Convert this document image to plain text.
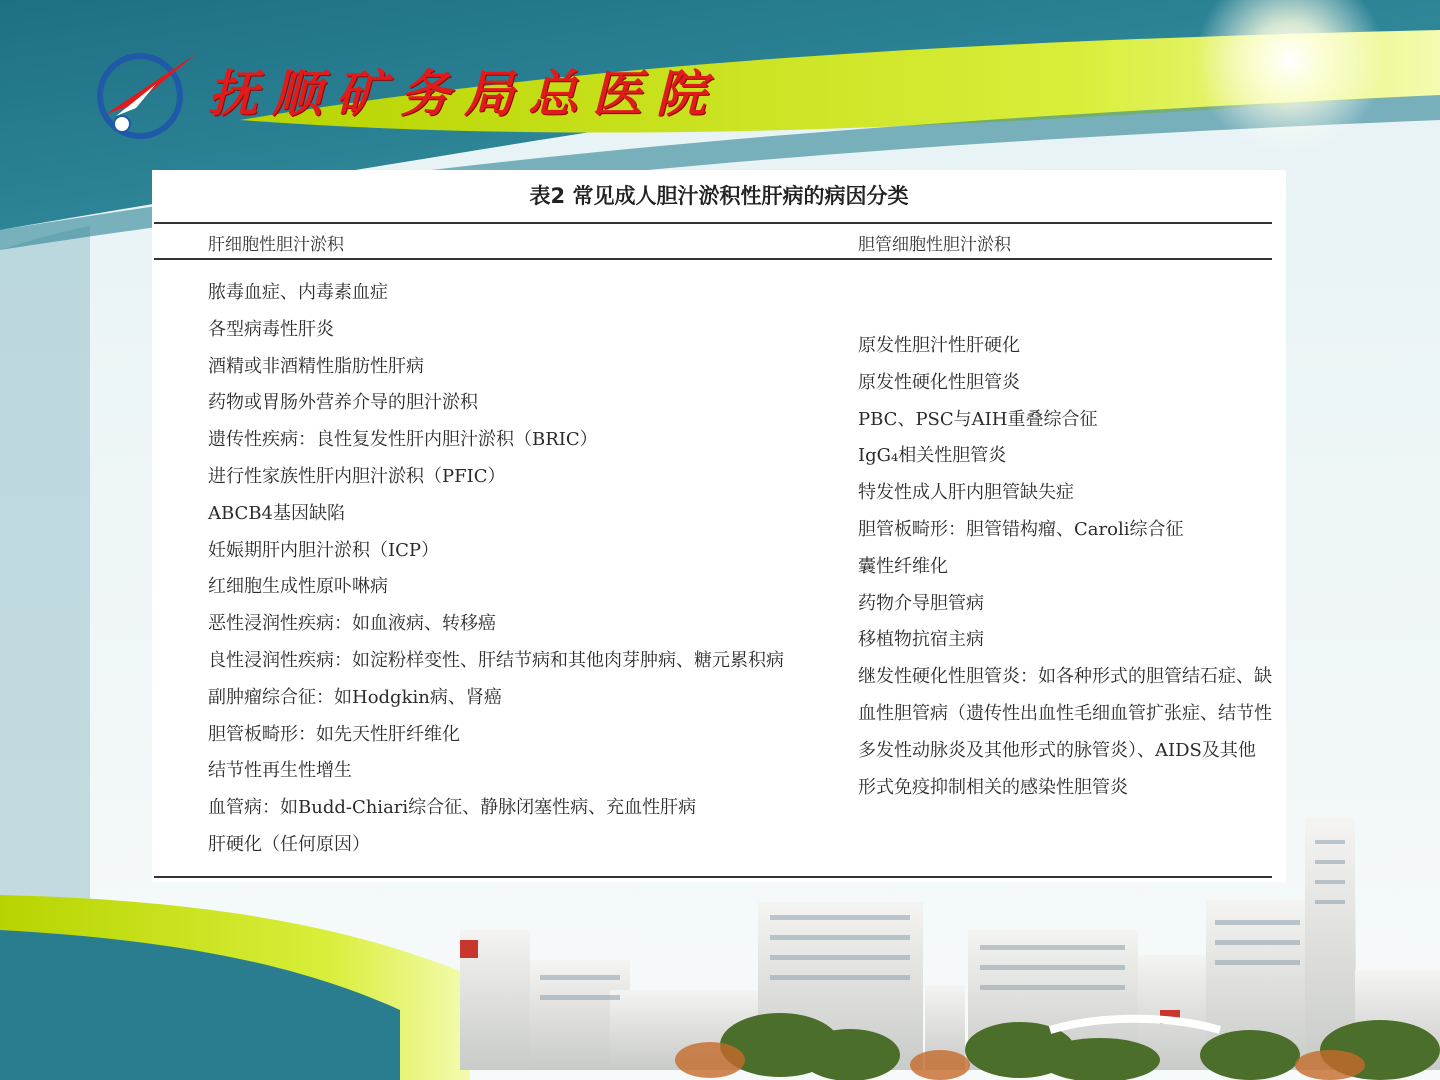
抚顺矿务局总医院
表2 常见成人胆汁淤积性肝病的病因分类
肝细胞性胆汁淤积	胆管细胞性胆汁淤积
脓毒血症、内毒素血症
各型病毒性肝炎
酒精或非酒精性脂肪性肝病
药物或胃肠外营养介导的胆汁淤积
遗传性疾病：良性复发性肝内胆汁淤积（BRIC）
进行性家族性肝内胆汁淤积（PFIC）
ABCB4基因缺陷
妊娠期肝内胆汁淤积（ICP）
红细胞生成性原卟啉病
恶性浸润性疾病：如血液病、转移癌
良性浸润性疾病：如淀粉样变性、肝结节病和其他肉芽肿病、糖元累积病
副肿瘤综合征：如Hodgkin病、肾癌
胆管板畸形：如先天性肝纤维化
结节性再生性增生
血管病：如Budd-Chiari综合征、静脉闭塞性病、充血性肝病
肝硬化（任何原因）
原发性胆汁性肝硬化
原发性硬化性胆管炎
PBC、PSC与AIH重叠综合征
IgG₄相关性胆管炎
特发性成人肝内胆管缺失症
胆管板畸形：胆管错构瘤、Caroli综合征
囊性纤维化
药物介导胆管病
移植物抗宿主病
继发性硬化性胆管炎：如各种形式的胆管结石症、缺
血性胆管病（遗传性出血性毛细血管扩张症、结节性
多发性动脉炎及其他形式的脉管炎）、AIDS及其他
形式免疫抑制相关的感染性胆管炎
